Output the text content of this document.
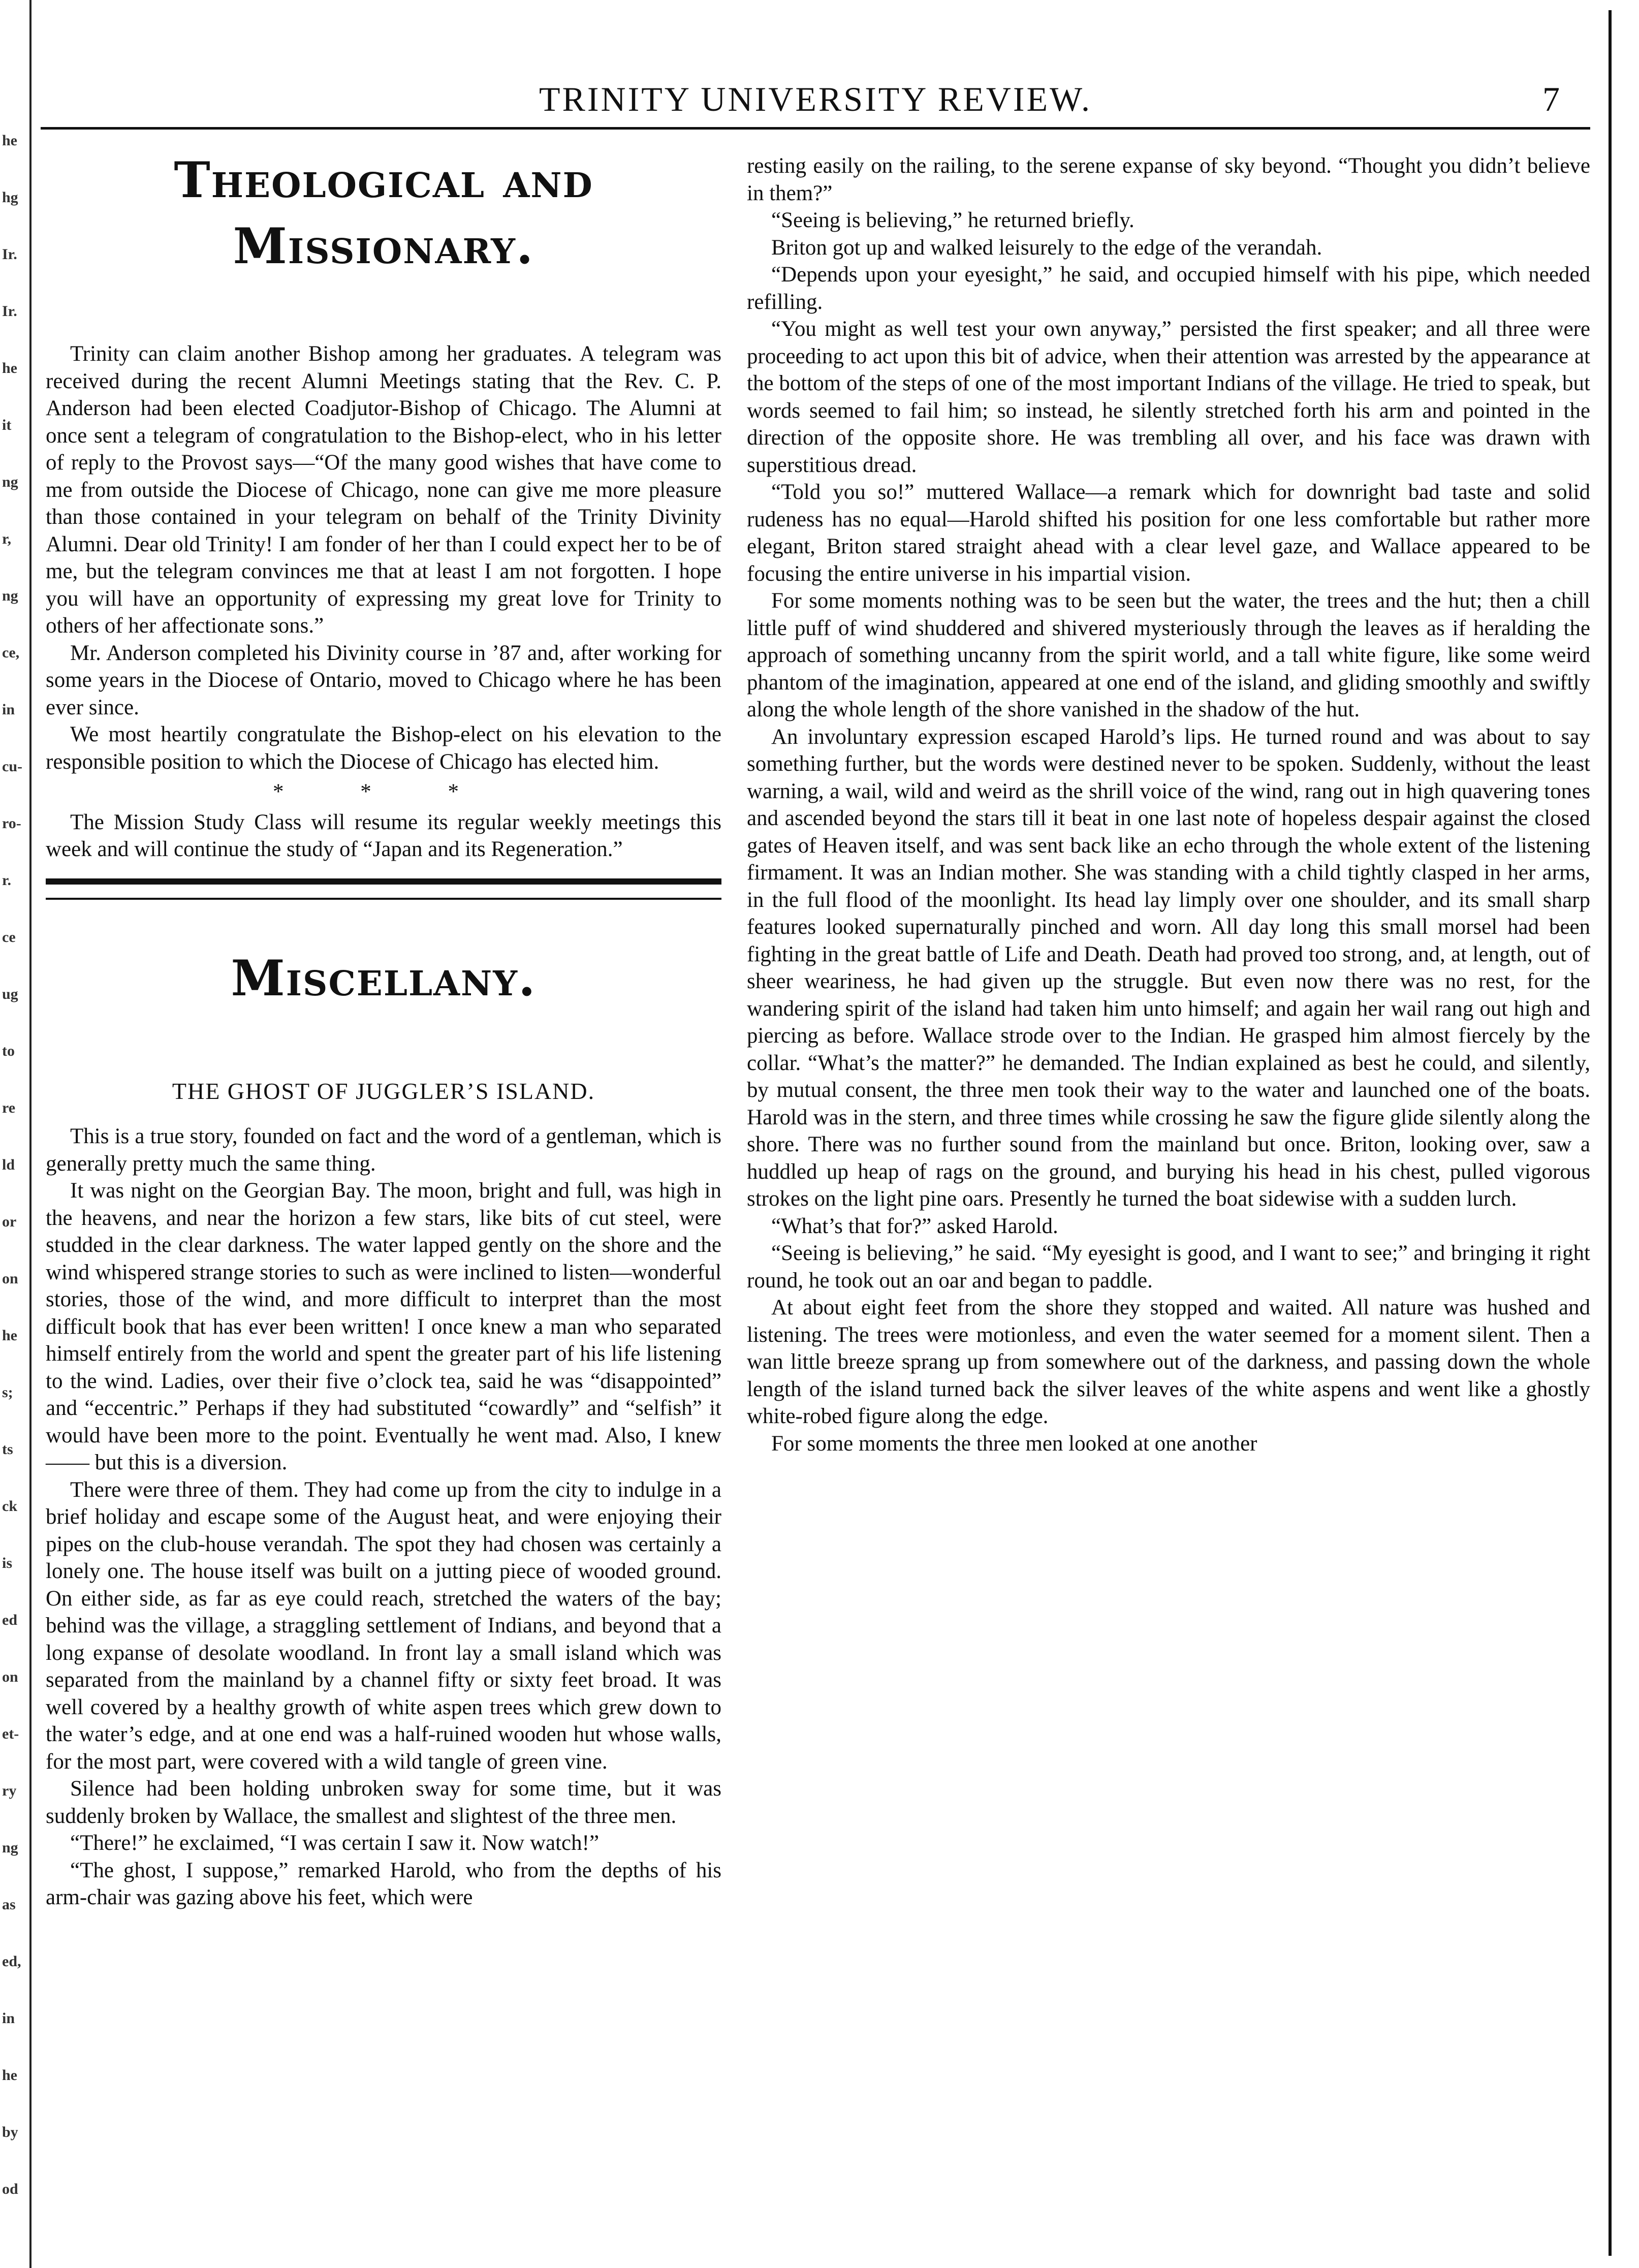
he
hg
Ir.
Ir.
he
it
ng
r,
ng
ce,
in
cu-
ro-
r.
ce
ug
to
re
ld
or
on
he
s;
ts
ck
is
ed
on
et-
ry
ng
as
ed,
in
he
by
od
TRINITY UNIVERSITY REVIEW.	7
Theological and Missionary.

Trinity can claim another Bishop among her graduates. A telegram was received during the recent Alumni Meetings stating that the Rev. C. P. Anderson had been elected Coadjutor-Bishop of Chicago. The Alumni at once sent a telegram of congratulation to the Bishop-elect, who in his letter of reply to the Provost says—“Of the many good wishes that have come to me from outside the Diocese of Chicago, none can give me more pleasure than those contained in your telegram on behalf of the Trinity Divinity Alumni. Dear old Trinity! I am fonder of her than I could expect her to be of me, but the telegram convinces me that at least I am not forgotten. I hope you will have an opportunity of expressing my great love for Trinity to others of her affectionate sons.”

Mr. Anderson completed his Divinity course in ’87 and, after working for some years in the Diocese of Ontario, moved to Chicago where he has been ever since.

We most heartily congratulate the Bishop-elect on his elevation to the responsible position to which the Diocese of Chicago has elected him.

* * *

The Mission Study Class will resume its regular weekly meetings this week and will continue the study of “Japan and its Regeneration.”

Miscellany.

THE GHOST OF JUGGLER’S ISLAND.

This is a true story, founded on fact and the word of a gentleman, which is generally pretty much the same thing.

It was night on the Georgian Bay. The moon, bright and full, was high in the heavens, and near the horizon a few stars, like bits of cut steel, were studded in the clear darkness. The water lapped gently on the shore and the wind whispered strange stories to such as were inclined to listen—wonderful stories, those of the wind, and more difficult to interpret than the most difficult book that has ever been written! I once knew a man who separated himself entirely from the world and spent the greater part of his life listening to the wind. Ladies, over their five o’clock tea, said he was “disappointed” and “eccentric.” Perhaps if they had substituted “cowardly” and “selfish” it would have been more to the point. Eventually he went mad. Also, I knew —— but this is a diversion.

There were three of them. They had come up from the city to indulge in a brief holiday and escape some of the August heat, and were enjoying their pipes on the club-house verandah. The spot they had chosen was certainly a lonely one. The house itself was built on a jutting piece of wooded ground. On either side, as far as eye could reach, stretched the waters of the bay; behind was the village, a straggling settlement of Indians, and beyond that a long expanse of desolate woodland. In front lay a small island which was separated from the mainland by a channel fifty or sixty feet broad. It was well covered by a healthy growth of white aspen trees which grew down to the water’s edge, and at one end was a half-ruined wooden hut whose walls, for the most part, were covered with a wild tangle of green vine.

Silence had been holding unbroken sway for some time, but it was suddenly broken by Wallace, the smallest and slightest of the three men.

“There!” he exclaimed, “I was certain I saw it. Now watch!”

“The ghost, I suppose,” remarked Harold, who from the depths of his arm-chair was gazing above his feet, which were

resting easily on the railing, to the serene expanse of sky beyond. “Thought you didn’t believe in them?”

“Seeing is believing,” he returned briefly.

Briton got up and walked leisurely to the edge of the verandah.

“Depends upon your eyesight,” he said, and occupied himself with his pipe, which needed refilling.

“You might as well test your own anyway,” persisted the first speaker; and all three were proceeding to act upon this bit of advice, when their attention was arrested by the appearance at the bottom of the steps of one of the most important Indians of the village. He tried to speak, but words seemed to fail him; so instead, he silently stretched forth his arm and pointed in the direction of the opposite shore. He was trembling all over, and his face was drawn with superstitious dread.

“Told you so!” muttered Wallace—a remark which for downright bad taste and solid rudeness has no equal—Harold shifted his position for one less comfortable but rather more elegant, Briton stared straight ahead with a clear level gaze, and Wallace appeared to be focusing the entire universe in his impartial vision.

For some moments nothing was to be seen but the water, the trees and the hut; then a chill little puff of wind shuddered and shivered mysteriously through the leaves as if heralding the approach of something uncanny from the spirit world, and a tall white figure, like some weird phantom of the imagination, appeared at one end of the island, and gliding smoothly and swiftly along the whole length of the shore vanished in the shadow of the hut.

An involuntary expression escaped Harold’s lips. He turned round and was about to say something further, but the words were destined never to be spoken. Suddenly, without the least warning, a wail, wild and weird as the shrill voice of the wind, rang out in high quavering tones and ascended beyond the stars till it beat in one last note of hopeless despair against the closed gates of Heaven itself, and was sent back like an echo through the whole extent of the listening firmament. It was an Indian mother. She was standing with a child tightly clasped in her arms, in the full flood of the moonlight. Its head lay limply over one shoulder, and its small sharp features looked supernaturally pinched and worn. All day long this small morsel had been fighting in the great battle of Life and Death. Death had proved too strong, and, at length, out of sheer weariness, he had given up the struggle. But even now there was no rest, for the wandering spirit of the island had taken him unto himself; and again her wail rang out high and piercing as before. Wallace strode over to the Indian. He grasped him almost fiercely by the collar. “What’s the matter?” he demanded. The Indian explained as best he could, and silently, by mutual consent, the three men took their way to the water and launched one of the boats. Harold was in the stern, and three times while crossing he saw the figure glide silently along the shore. There was no further sound from the mainland but once. Briton, looking over, saw a huddled up heap of rags on the ground, and burying his head in his chest, pulled vigorous strokes on the light pine oars. Presently he turned the boat sidewise with a sudden lurch.

“What’s that for?” asked Harold.

“Seeing is believing,” he said. “My eyesight is good, and I want to see;” and bringing it right round, he took out an oar and began to paddle.

At about eight feet from the shore they stopped and waited. All nature was hushed and listening. The trees were motionless, and even the water seemed for a moment silent. Then a wan little breeze sprang up from somewhere out of the darkness, and passing down the whole length of the island turned back the silver leaves of the white aspens and went like a ghostly white-robed figure along the edge.

For some moments the three men looked at one another
